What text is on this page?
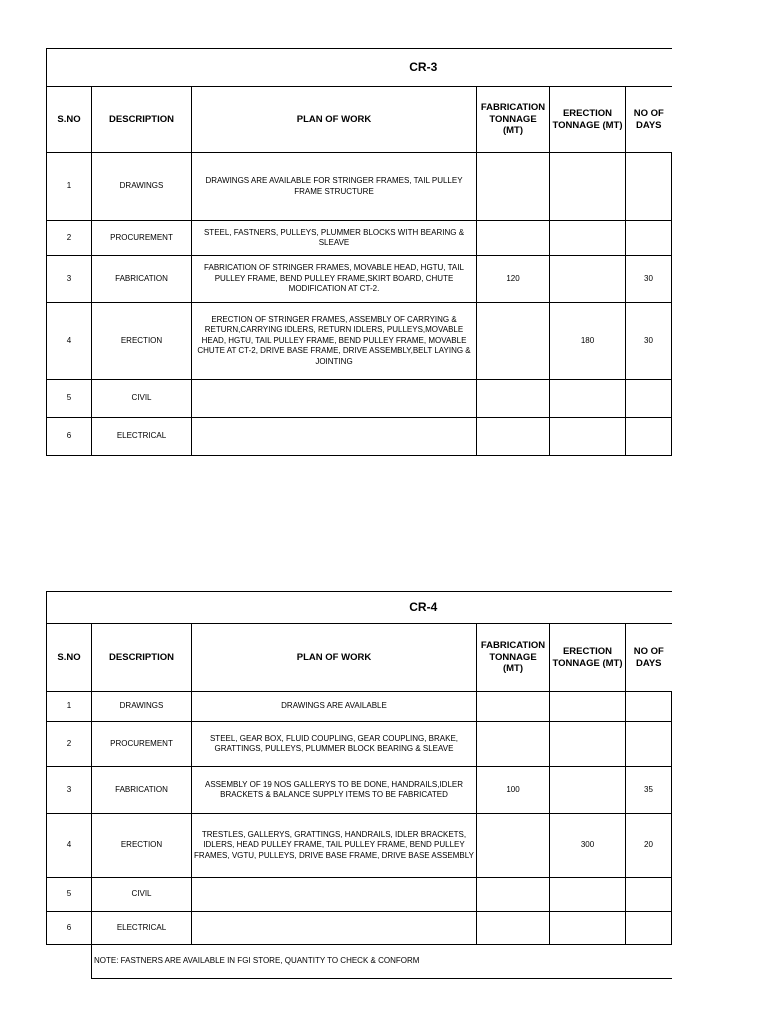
CR-3					
S.NO	DESCRIPTION	PLAN OF WORK	FABRICATION TONNAGE (MT)	ERECTION TONNAGE (MT)	NO OF DAYS
1	DRAWINGS	DRAWINGS ARE AVAILABLE FOR STRINGER FRAMES, TAIL PULLEY FRAME STRUCTURE			
2	PROCUREMENT	STEEL, FASTNERS, PULLEYS, PLUMMER BLOCKS WITH BEARING & SLEAVE			
3	FABRICATION	FABRICATION OF STRINGER FRAMES, MOVABLE HEAD, HGTU, TAIL PULLEY FRAME, BEND PULLEY FRAME,SKIRT BOARD, CHUTE MODIFICATION AT CT-2.	120		30
4	ERECTION	ERECTION OF STRINGER FRAMES, ASSEMBLY OF CARRYING & RETURN,CARRYING IDLERS, RETURN IDLERS, PULLEYS,MOVABLE HEAD, HGTU, TAIL PULLEY FRAME, BEND PULLEY FRAME, MOVABLE CHUTE AT CT-2, DRIVE BASE FRAME, DRIVE ASSEMBLY,BELT LAYING & JOINTING		180	30
5	CIVIL				
6	ELECTRICAL				
CR-4					
S.NO	DESCRIPTION	PLAN OF WORK	FABRICATION TONNAGE (MT)	ERECTION TONNAGE (MT)	NO OF DAYS
1	DRAWINGS	DRAWINGS ARE AVAILABLE			
2	PROCUREMENT	STEEL, GEAR BOX, FLUID COUPLING, GEAR COUPLING, BRAKE, GRATTINGS, PULLEYS, PLUMMER BLOCK BEARING & SLEAVE			
3	FABRICATION	ASSEMBLY OF 19 NOS GALLERYS TO BE DONE, HANDRAILS,IDLER BRACKETS & BALANCE SUPPLY ITEMS TO BE FABRICATED	100		35
4	ERECTION	TRESTLES, GALLERYS, GRATTINGS, HANDRAILS, IDLER BRACKETS, IDLERS, HEAD PULLEY FRAME, TAIL PULLEY FRAME, BEND PULLEY FRAMES, VGTU, PULLEYS, DRIVE BASE FRAME, DRIVE BASE ASSEMBLY		300	20
5	CIVIL				
6	ELECTRICAL				
	NOTE: FASTNERS ARE AVAILABLE IN FGI STORE, QUANTITY TO CHECK & CONFORM				
